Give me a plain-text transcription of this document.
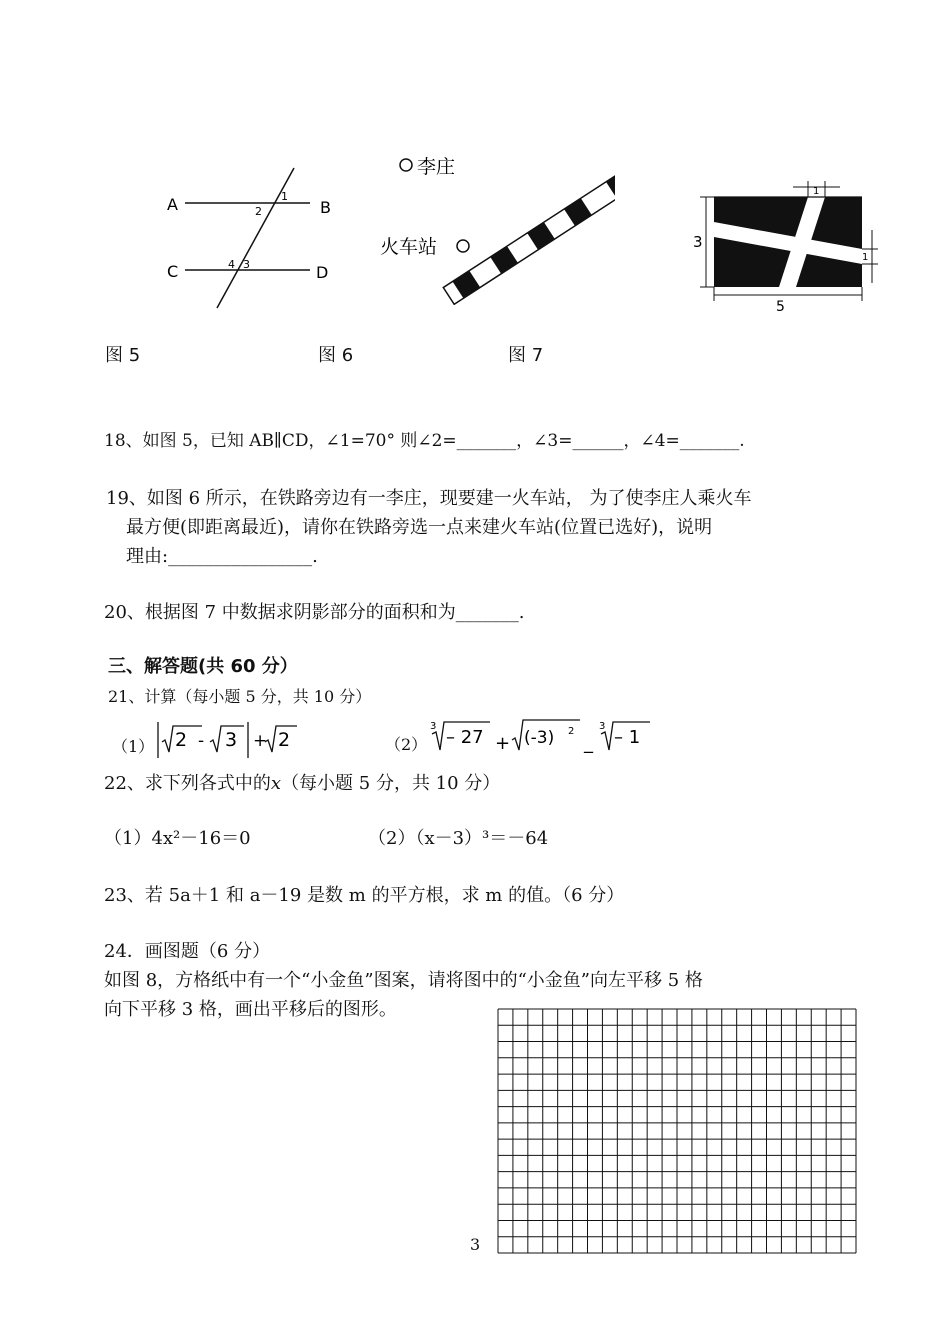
A	B
C	D
1
2
3
4
李庄
火车站
1
3
1
5
图 5	图 6	图 7
18、如图 5，已知 AB∥CD，∠1=70° 则∠2=_______，∠3=______，∠4=_______.
19、如图 6 所示，在铁路旁边有一李庄，现要建一火车站， 为了使李庄人乘火车
最方便(即距离最近)，请你在铁路旁选一点来建火车站(位置已选好)，说明
理由:________________.
20、根据图 7 中数据求阴影部分的面积和为_______.
三、解答题(共 60 分）
21、计算（每小题 5 分，共 10 分）
（1） 2 - 3 + 2	（2）
3
– 27 + (-3) 2
_
3
– 1
22、求下列各式中的x（每小题 5 分，共 10 分）
（1）4x²－16＝0	（2）（x－3）³＝－64
23、若 5a＋1 和 a－19 是数 m 的平方根，求 m 的值。（6 分）
24．画图题（6 分）
如图 8，方格纸中有一个“小金鱼”图案，请将图中的“小金鱼”向左平移 5 格
向下平移 3 格，画出平移后的图形。
3
